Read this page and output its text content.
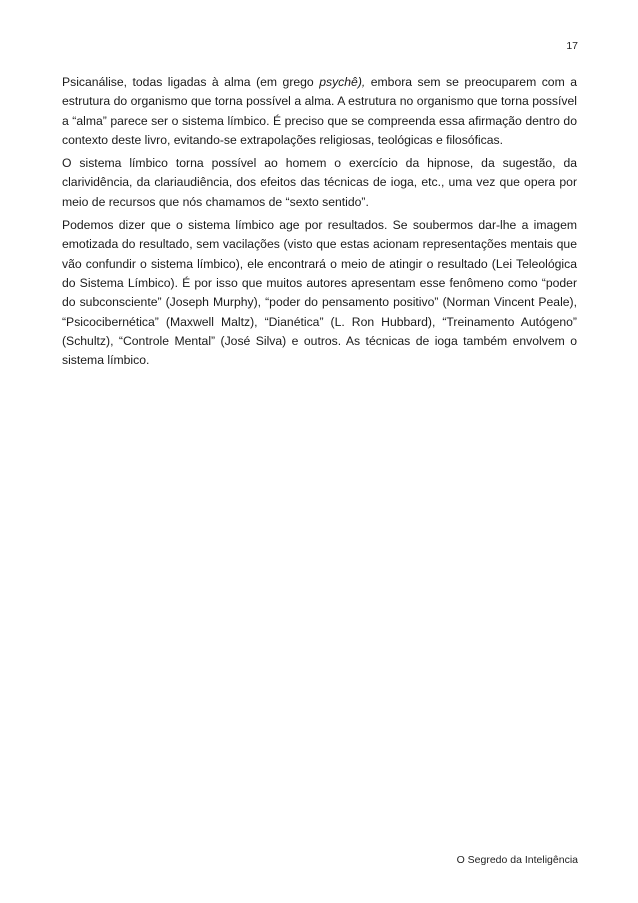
17

Psicanálise, todas ligadas à alma (em grego psychê), embora sem se preocuparem com a estrutura do organismo que torna possível a alma. A estrutura no organismo que torna possível a “alma” parece ser o sistema límbico. É preciso que se compreenda essa afirmação dentro do contexto deste livro, evitando-se extrapolações religiosas, teológicas e filosóficas.

O sistema límbico torna possível ao homem o exercício da hipnose, da sugestão, da clarividência, da clariaudiência, dos efeitos das técnicas de ioga, etc., uma vez que opera por meio de recursos que nós chamamos de “sexto sentido”.

Podemos dizer que o sistema límbico age por resultados. Se soubermos dar-lhe a imagem emotizada do resultado, sem vacilações (visto que estas acionam representações mentais que vão confundir o sistema límbico), ele encontrará o meio de atingir o resultado (Lei Teleológica do Sistema Límbico). É por isso que muitos autores apresentam esse fenômeno como “poder do subconsciente” (Joseph Murphy), “poder do pensamento positivo” (Norman Vincent Peale), “Psicocibernética” (Maxwell Maltz), “Dianética” (L. Ron Hubbard), “Treinamento Autógeno” (Schultz), “Controle Mental” (José Silva) e outros. As técnicas de ioga também envolvem o sistema límbico.

O Segredo da Inteligência
